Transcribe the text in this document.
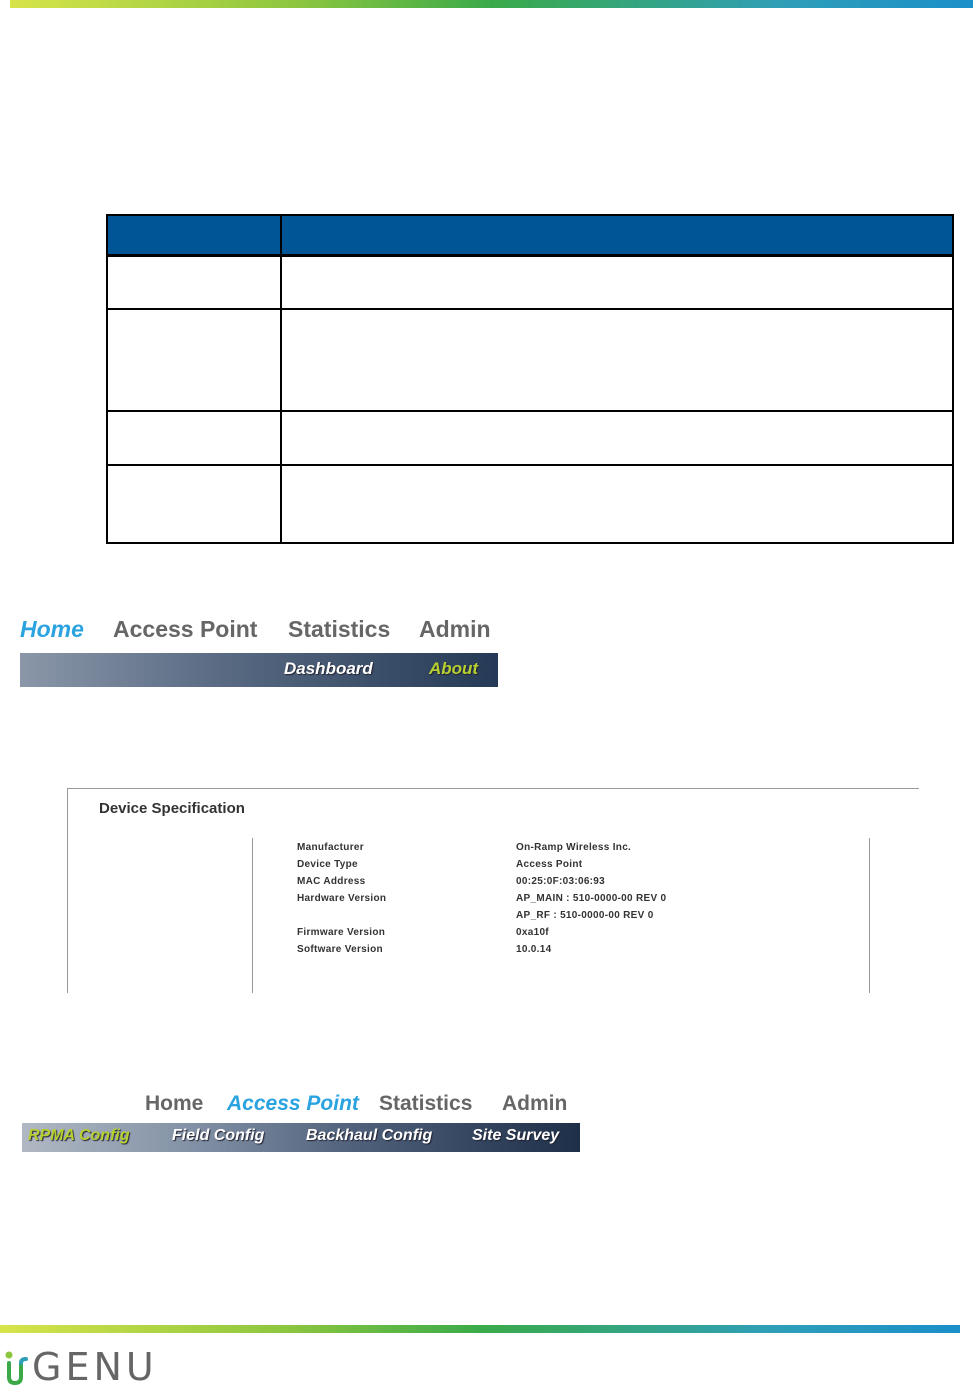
Home Access Point Statistics Admin
Dashboard	About
Device Specification
Manufacturer	On-Ramp Wireless Inc.
Device Type	Access Point
MAC Address	00:25:0F:03:06:93
Hardware Version	AP_MAIN : 510-0000-00 REV 0
AP_RF : 510-0000-00 REV 0
Firmware Version	0xa10f
Software Version	10.0.14
Home Access Point Statistics Admin
RPMA Config	Field Config	Backhaul Config Site Survey
GENU
